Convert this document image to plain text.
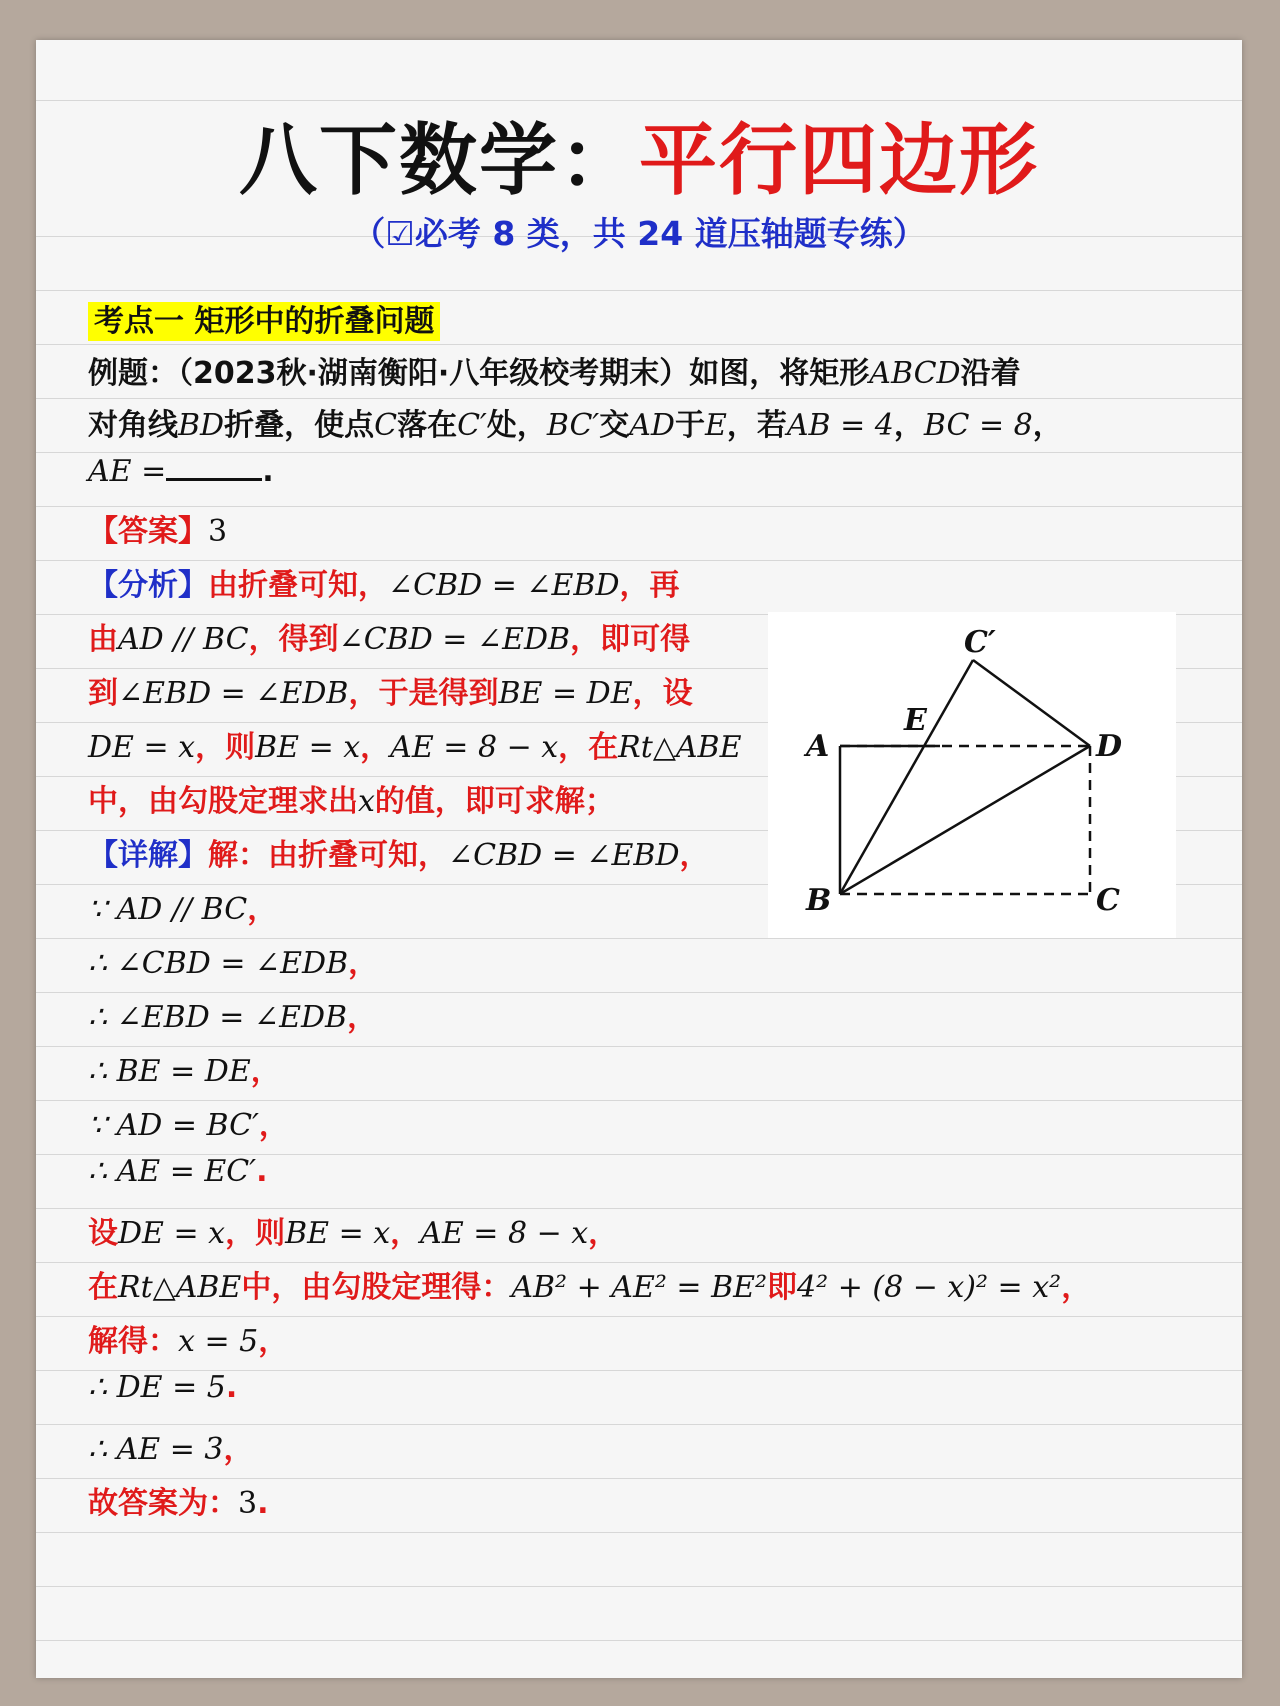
八下数学：平行四边形
（☑必考 8 类，共 24 道压轴题专练）
考点一 矩形中的折叠问题
例题：（2023秋·湖南衡阳·八年级校考期末）如图，将矩形ABCD沿着
对角线BD折叠，使点C落在C′处，BC′交AD于E，若AB = 4，BC = 8，
AE =	.
【答案】3
【分析】由折叠可知，∠CBD = ∠EBD，再
由AD // BC，得到∠CBD = ∠EDB，即可得
到∠EBD = ∠EDB，于是得到BE = DE，设
DE = x，则BE = x，AE = 8 − x，在Rt△ABE
中，由勾股定理求出x的值，即可求解；
【详解】解：由折叠可知，∠CBD = ∠EBD，
∵ AD // BC，
∴ ∠CBD = ∠EDB，
∴ ∠EBD = ∠EDB，
∴ BE = DE，
∵ AD = BC′，
∴ AE = EC′.
设DE = x，则BE = x，AE = 8 − x，
在Rt△ABE中，由勾股定理得：AB² + AE² = BE²即4² + (8 − x)² = x²，
解得：x = 5，
∴ DE = 5.
∴ AE = 3，
故答案为：3.
C′
E
A	D
B	C
